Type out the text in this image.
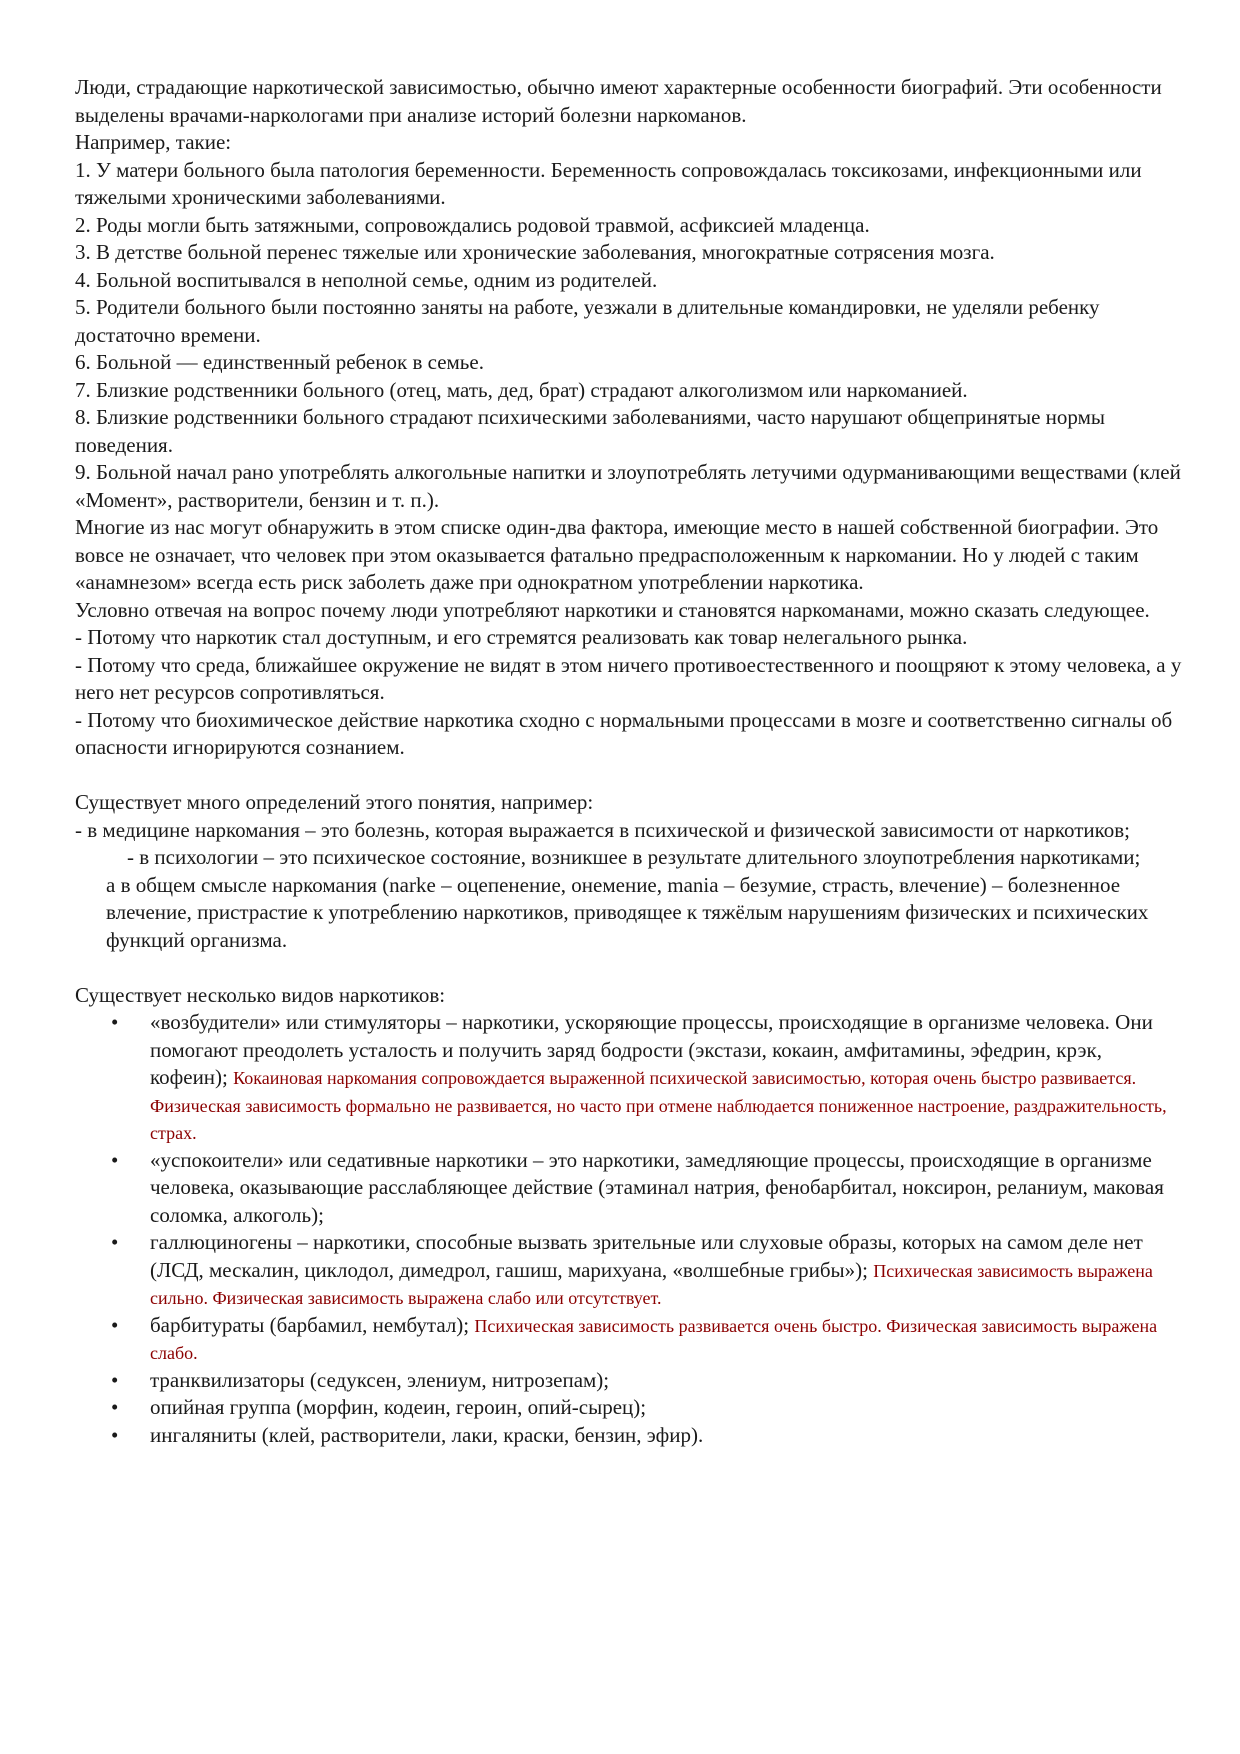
Люди, страдающие наркотической зависимостью, обычно имеют характерные особенности биографий. Эти особенности выделены врачами-наркологами при анализе историй болезни наркоманов.

Например, такие:

1. У матери больного была патология беременности. Беременность сопровождалась токсикозами, инфекционными или тяжелыми хроническими заболеваниями.

2. Роды могли быть затяжными, сопровождались родовой травмой, асфиксией младенца.

3. В детстве больной перенес тяжелые или хронические заболевания, многократные сотрясения мозга.

4. Больной воспитывался в неполной семье, одним из родителей.

5. Родители больного были постоянно заняты на работе, уезжали в длительные командировки, не уделяли ребенку достаточно времени.

6. Больной — единственный ребенок в семье.

7. Близкие родственники больного (отец, мать, дед, брат) страдают алкоголизмом или наркоманией.

8. Близкие родственники больного страдают психическими заболеваниями, часто нарушают общепринятые нормы поведения.

9. Больной начал рано употреблять алкогольные напитки и злоупотреблять летучими одурманивающими веществами (клей «Момент», растворители, бензин и т. п.).

Многие из нас могут обнаружить в этом списке один-два фактора, имеющие место в нашей собственной биографии. Это вовсе не означает, что человек при этом оказывается фатально предрасположенным к наркомании. Но у людей с таким «анамнезом» всегда есть риск заболеть даже при однократном употреблении наркотика.

Условно отвечая на вопрос почему люди употребляют наркотики и становятся наркоманами, можно сказать следующее.

- Потому что наркотик стал доступным, и его стремятся реализовать как товар нелегального рынка.

- Потому что среда, ближайшее окружение не видят в этом ничего противоестественного и поощряют к этому человека, а у него нет ресурсов сопротивляться.

- Потому что биохимическое действие наркотика сходно с нормальными процессами в мозге и соответственно сигналы об опасности игнорируются сознанием.

Существует много определений этого понятия, например:

- в медицине наркомания – это болезнь, которая выражается в психической и физической зависимости от наркотиков;

- в психологии – это психическое состояние, возникшее в результате длительного злоупотребления наркотиками;

а в общем смысле наркомания (narke – оцепенение, онемение, mania – безумие, страсть, влечение) – болезненное влечение, пристрастие к употреблению наркотиков, приводящее к тяжёлым нарушениям физических и психических функций организма.

Существует несколько видов наркотиков:

• «возбудители» или стимуляторы – наркотики, ускоряющие процессы, происходящие в организме человека. Они помогают преодолеть усталость и получить заряд бодрости (экстази, кокаин, амфитамины, эфедрин, крэк, кофеин); Кокаиновая наркомания сопровождается выраженной психической зависимостью, которая очень быстро развивается. Физическая зависимость формально не развивается, но часто при отмене наблюдается пониженное настроение, раздражительность, страх.
• «успокоители» или седативные наркотики – это наркотики, замедляющие процессы, происходящие в организме человека, оказывающие расслабляющее действие (этаминал натрия, фенобарбитал, ноксирон, реланиум, маковая соломка, алкоголь);
• галлюциногены – наркотики, способные вызвать зрительные или слуховые образы, которых на самом деле нет (ЛСД, мескалин, циклодол, димедрол, гашиш, марихуана, «волшебные грибы»); Психическая зависимость выражена сильно. Физическая зависимость выражена слабо или отсутствует.
• барбитураты (барбамил, нембутал); Психическая зависимость развивается очень быстро. Физическая зависимость выражена слабо.
• транквилизаторы (седуксен, элениум, нитрозепам);
• опийная группа (морфин, кодеин, героин, опий-сырец);
• ингаляниты (клей, растворители, лаки, краски, бензин, эфир).
